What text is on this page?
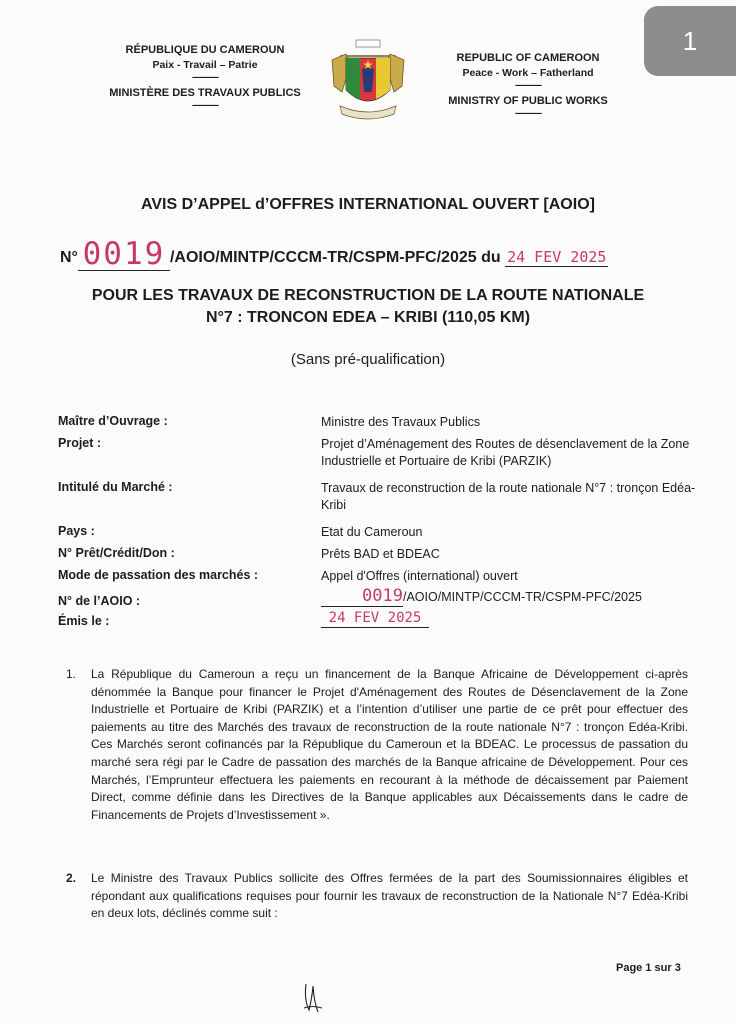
1
RÉPUBLIQUE DU CAMEROUN
Paix - Travail – Patrie
-------------
MINISTÈRE DES TRAVAUX PUBLICS
-------------
REPUBLIC OF CAMEROON
Peace - Work – Fatherland
-------------
MINISTRY OF PUBLIC WORKS
-------------
AVIS D’APPEL d’OFFRES INTERNATIONAL OUVERT [AOIO]
N° 0019 /AOIO/MINTP/CCCM-TR/CSPM-PFC/2025 du 24 FEV 2025
POUR LES TRAVAUX DE RECONSTRUCTION DE LA ROUTE NATIONALE
N°7 : TRONCON EDEA – KRIBI (110,05 KM)
(Sans pré-qualification)
Maître d’Ouvrage :	Ministre des Travaux Publics
Projet :	Projet d’Aménagement des Routes de désenclavement de la Zone Industrielle et Portuaire de Kribi (PARZIK)
Intitulé du Marché :	Travaux de reconstruction de la route nationale N°7 : tronçon Edéa-Kribi
Pays :	Etat du Cameroun
N° Prêt/Crédit/Don :	Prêts BAD et BDEAC
Mode de passation des marchés :	Appel d'Offres (international) ouvert
N° de l’AOIO :	0019/AOIO/MINTP/CCCM-TR/CSPM-PFC/2025
Émis le :	24 FEV 2025
1. La République du Cameroun a reçu un financement de la Banque Africaine de Développement ci-après dénommée la Banque pour financer le Projet d'Aménagement des Routes de Désenclavement de la Zone Industrielle et Portuaire de Kribi (PARZIK) et a l’intention d’utiliser une partie de ce prêt pour effectuer des paiements au titre des Marchés des travaux de reconstruction de la route nationale N°7 : tronçon Edéa-Kribi. Ces Marchés seront cofinancés par la République du Cameroun et la BDEAC. Le processus de passation du marché sera régi par le Cadre de passation des marchés de la Banque africaine de Développement. Pour ces Marchés, l’Emprunteur effectuera les paiements en recourant à la méthode de décaissement par Paiement Direct, comme définie dans les Directives de la Banque applicables aux Décaissements dans le cadre de Financements de Projets d’Investissement ».
2. Le Ministre des Travaux Publics sollicite des Offres fermées de la part des Soumissionnaires éligibles et répondant aux qualifications requises pour fournir les travaux de reconstruction de la Nationale N°7 Edéa-Kribi en deux lots, déclinés comme suit :
Page 1 sur 3
